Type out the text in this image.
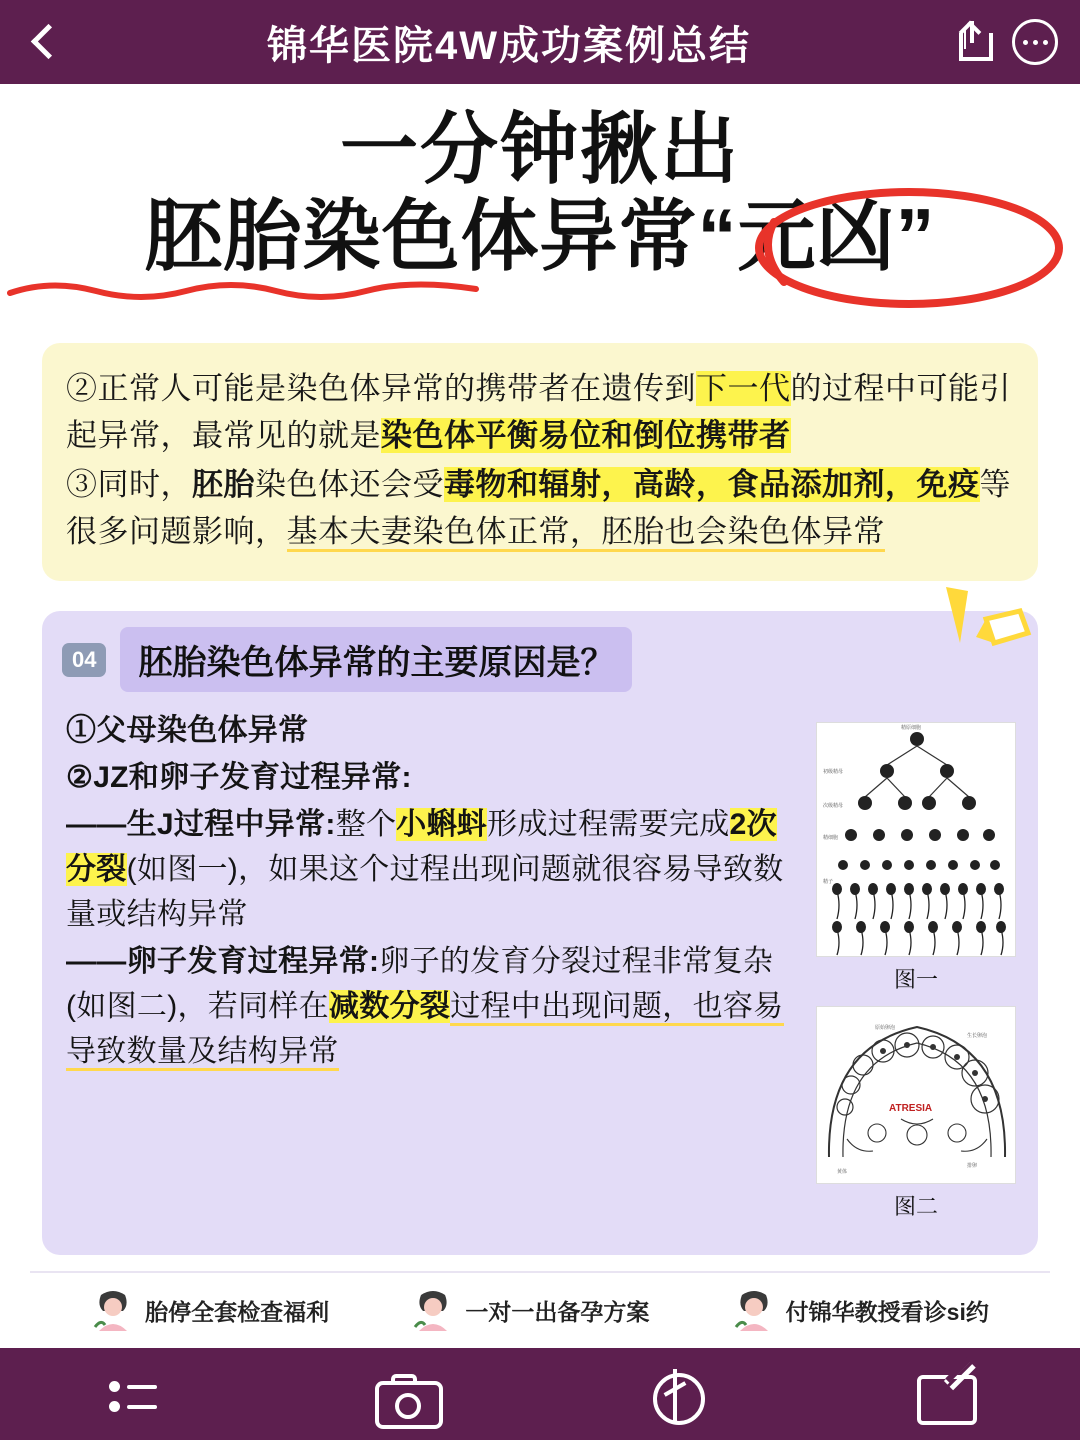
锦华医院4W成功案例总结
一分钟揪出
胚胎染色体异常“元凶”

②正常人可能是染色体异常的携带者在遗传到下一代的过程中可能引起异常，最常见的就是染色体平衡易位和倒位携带者

③同时，胚胎染色体还会受毒物和辐射，高龄，食品添加剂，免疫等很多问题影响，基本夫妻染色体正常，胚胎也会染色体异常

04	胚胎染色体异常的主要原因是？

①父母染色体异常

②JZ和卵子发育过程异常:

——生J过程中异常:整个小蝌蚪形成过程需要完成2次分裂(如图一)，如果这个过程出现问题就很容易导致数量或结构异常

——卵子发育过程异常:卵子的发育分裂过程非常复杂(如图二)，若同样在减数分裂过程中出现问题，也容易导致数量及结构异常

精原细胞
初级精母
次级精母
精细胞
精子
图一
ATRESIA
原始卵泡
生长卵泡
排卵
黄体
图二
胎停全套检查福利	一对一出备孕方案	付锦华教授看诊si约
